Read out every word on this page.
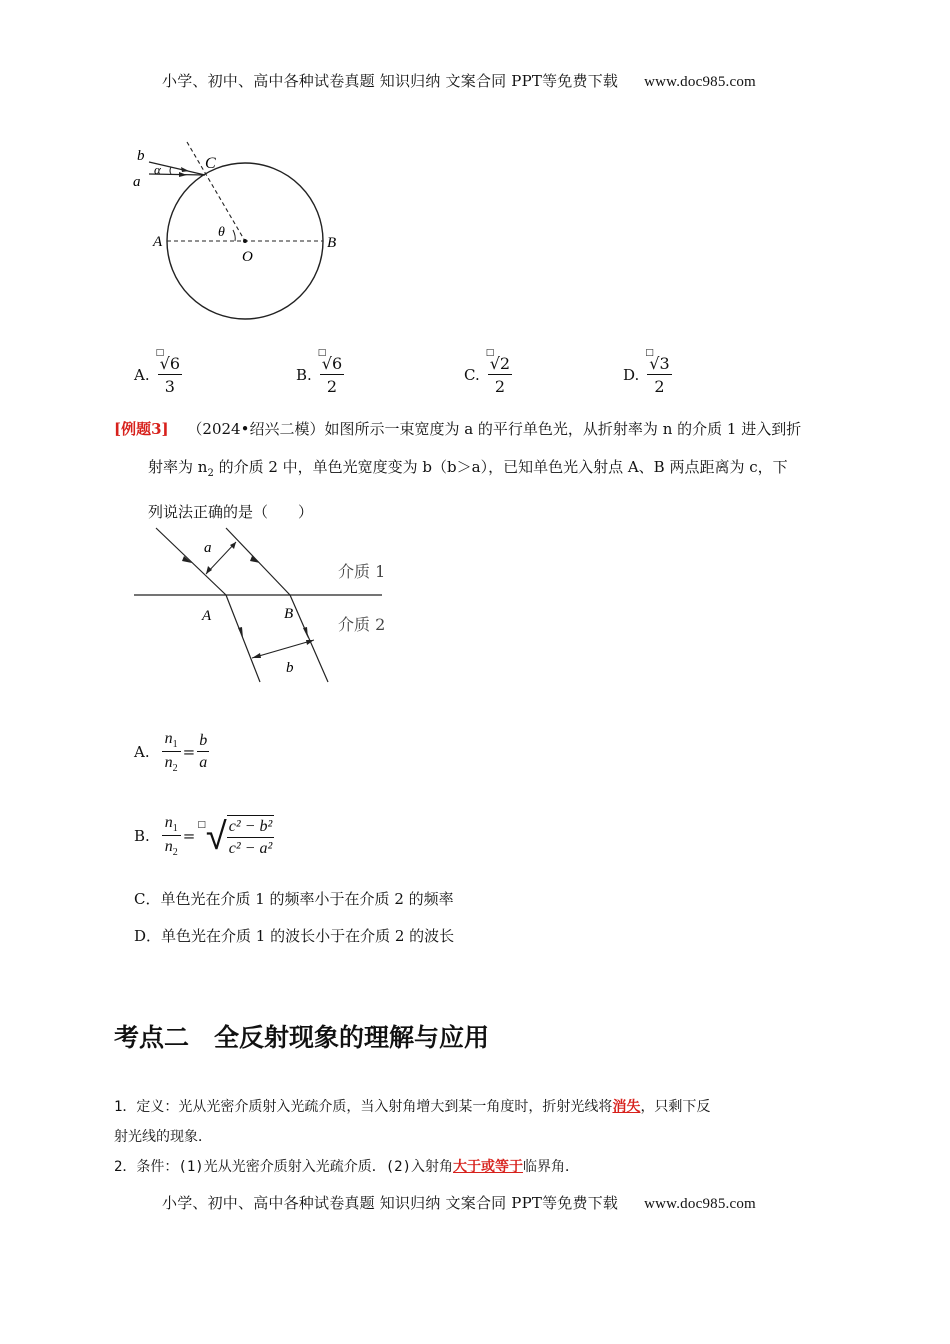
小学、初中、高中各种试卷真题 知识归纳 文案合同 PPT等免费下载 www.doc985.com
b
a
α	C
A	B
O
θ
A. □
√6
3	B. □
√6
2	C. □
√2
2	D. □
√3
2
[例题3] （2024•绍兴二模）如图所示一束宽度为 a 的平行单色光，从折射率为 n 的介质 1 进入到折
射率为 $n_2$ 的介质 2 中，单色光宽度变为 b（b＞a），已知单色光入射点 A、B 两点距离为 c，下
列说法正确的是（　　）
a
b
A	B
介质 1
介质 2
A. $\frac{n_1}{n_2} = \frac{b}{a}$
B. $\frac{n_1}{n_2}$ =
□ √ $\frac{\text{c² − b²}}{\text{c² − a²}}$
C．单色光在介质 1 的频率小于在介质 2 的频率
D．单色光在介质 1 的波长小于在介质 2 的波长
考点二　全反射现象的理解与应用
1．定义：光从光密介质射入光疏介质，当入射角增大到某一角度时，折射光线将消失，只剩下反
射光线的现象．
2．条件：(1)光从光密介质射入光疏介质．(2)入射角大于或等于临界角．
小学、初中、高中各种试卷真题 知识归纳 文案合同 PPT等免费下载 www.doc985.com
